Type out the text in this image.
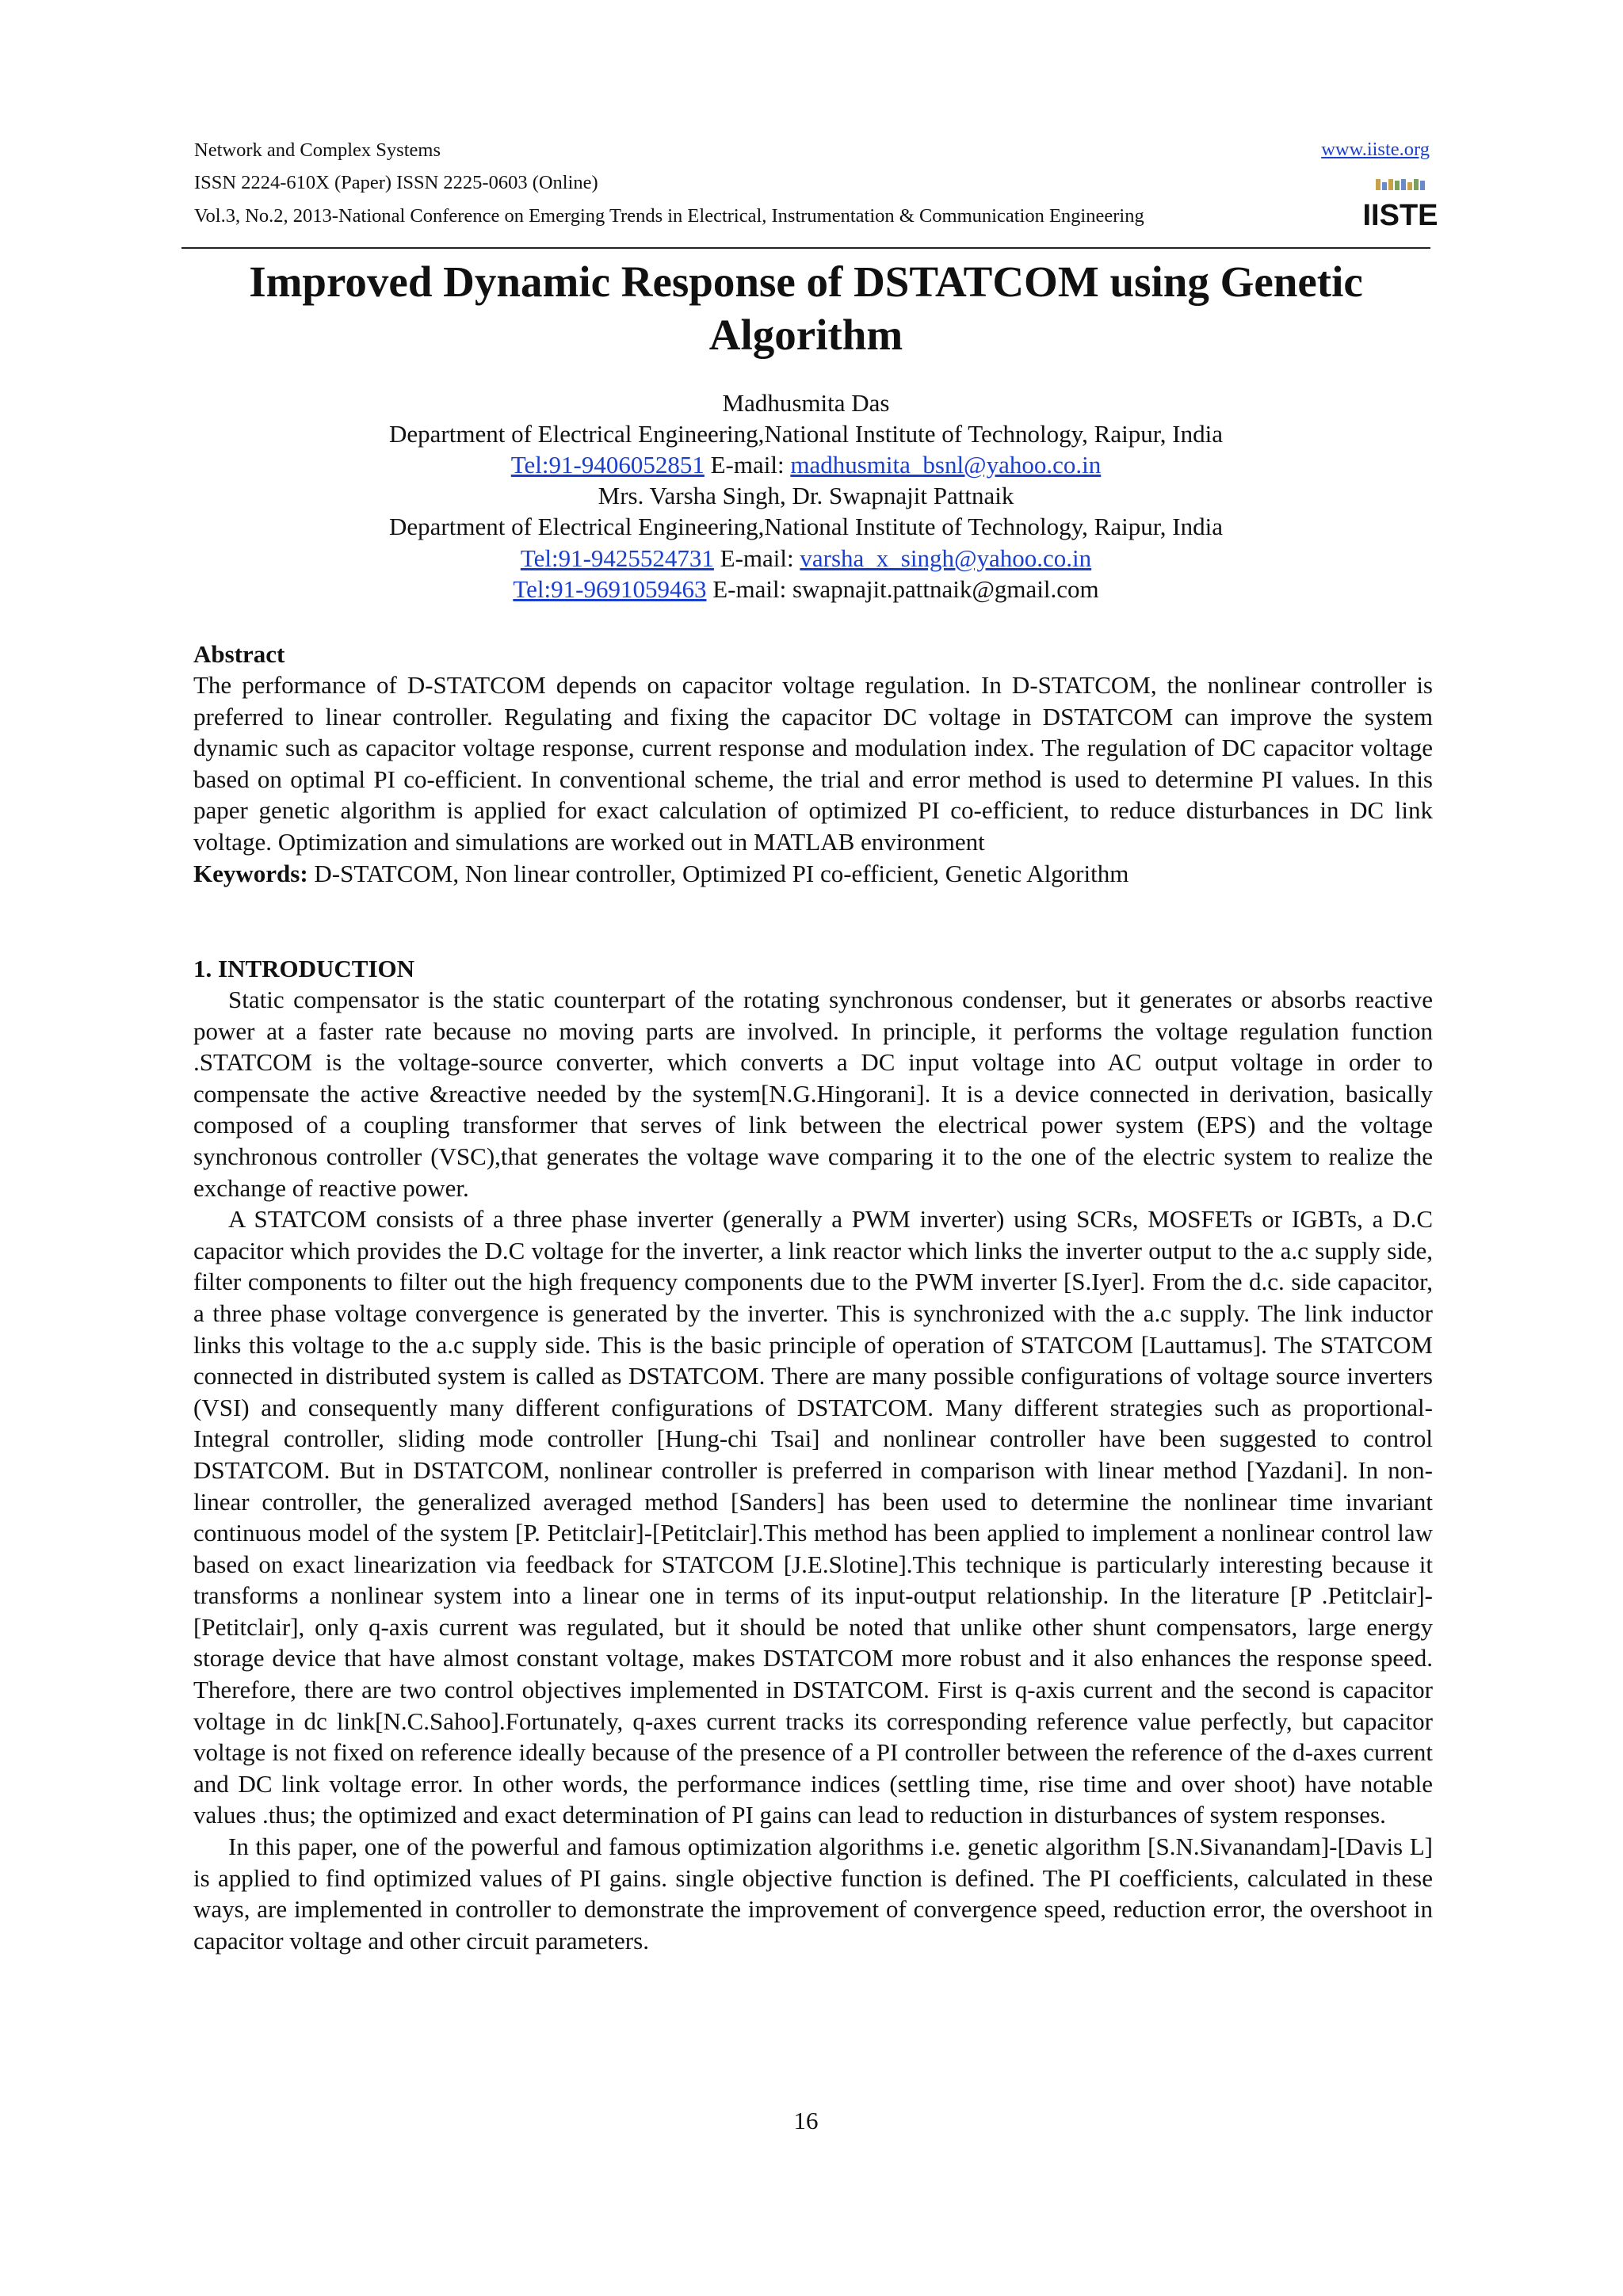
Network and Complex Systems
ISSN 2224-610X (Paper) ISSN 2225-0603 (Online)
Vol.3, No.2, 2013-National Conference on Emerging Trends in Electrical, Instrumentation & Communication Engineering
www.iiste.org
IISTE
Improved Dynamic Response of DSTATCOM using Genetic Algorithm
Madhusmita Das
Department of Electrical Engineering,National Institute of Technology, Raipur, India
Tel:91-9406052851 E-mail: madhusmita_bsnl@yahoo.co.in
Mrs. Varsha Singh, Dr. Swapnajit Pattnaik
Department of Electrical Engineering,National Institute of Technology, Raipur, India
Tel:91-9425524731 E-mail: varsha_x_singh@yahoo.co.in
Tel:91-9691059463 E-mail: swapnajit.pattnaik@gmail.com
Abstract

The performance of D-STATCOM depends on capacitor voltage regulation. In D-STATCOM, the nonlinear controller is preferred to linear controller. Regulating and fixing the capacitor DC voltage in DSTATCOM can improve the system dynamic such as capacitor voltage response, current response and modulation index. The regulation of DC capacitor voltage based on optimal PI co-efficient. In conventional scheme, the trial and error method is used to determine PI values. In this paper genetic algorithm is applied for exact calculation of optimized PI co-efficient, to reduce disturbances in DC link voltage. Optimization and simulations are worked out in MATLAB environment

Keywords: D-STATCOM, Non linear controller, Optimized PI co-efficient, Genetic Algorithm

1. INTRODUCTION

Static compensator is the static counterpart of the rotating synchronous condenser, but it generates or absorbs reactive power at a faster rate because no moving parts are involved. In principle, it performs the voltage regulation function .STATCOM is the voltage-source converter, which converts a DC input voltage into AC output voltage in order to compensate the active &reactive needed by the system[N.G.Hingorani]. It is a device connected in derivation, basically composed of a coupling transformer that serves of link between the electrical power system (EPS) and the voltage synchronous controller (VSC),that generates the voltage wave comparing it to the one of the electric system to realize the exchange of reactive power.

A STATCOM consists of a three phase inverter (generally a PWM inverter) using SCRs, MOSFETs or IGBTs, a D.C capacitor which provides the D.C voltage for the inverter, a link reactor which links the inverter output to the a.c supply side, filter components to filter out the high frequency components due to the PWM inverter [S.Iyer]. From the d.c. side capacitor, a three phase voltage convergence is generated by the inverter. This is synchronized with the a.c supply. The link inductor links this voltage to the a.c supply side. This is the basic principle of operation of STATCOM [Lauttamus]. The STATCOM connected in distributed system is called as DSTATCOM. There are many possible configurations of voltage source inverters (VSI) and consequently many different configurations of DSTATCOM. Many different strategies such as proportional-Integral controller, sliding mode controller [Hung-chi Tsai] and nonlinear controller have been suggested to control DSTATCOM. But in DSTATCOM, nonlinear controller is preferred in comparison with linear method [Yazdani]. In non-linear controller, the generalized averaged method [Sanders] has been used to determine the nonlinear time invariant continuous model of the system [P. Petitclair]-[Petitclair].This method has been applied to implement a nonlinear control law based on exact linearization via feedback for STATCOM [J.E.Slotine].This technique is particularly interesting because it transforms a nonlinear system into a linear one in terms of its input-output relationship. In the literature [P .Petitclair]-[Petitclair], only q-axis current was regulated, but it should be noted that unlike other shunt compensators, large energy storage device that have almost constant voltage, makes DSTATCOM more robust and it also enhances the response speed. Therefore, there are two control objectives implemented in DSTATCOM. First is q-axis current and the second is capacitor voltage in dc link[N.C.Sahoo].Fortunately, q-axes current tracks its corresponding reference value perfectly, but capacitor voltage is not fixed on reference ideally because of the presence of a PI controller between the reference of the d-axes current and DC link voltage error. In other words, the performance indices (settling time, rise time and over shoot) have notable values .thus; the optimized and exact determination of PI gains can lead to reduction in disturbances of system responses.

In this paper, one of the powerful and famous optimization algorithms i.e. genetic algorithm [S.N.Sivanandam]-[Davis L] is applied to find optimized values of PI gains. single objective function is defined. The PI coefficients, calculated in these ways, are implemented in controller to demonstrate the improvement of convergence speed, reduction error, the overshoot in capacitor voltage and other circuit parameters.

16
